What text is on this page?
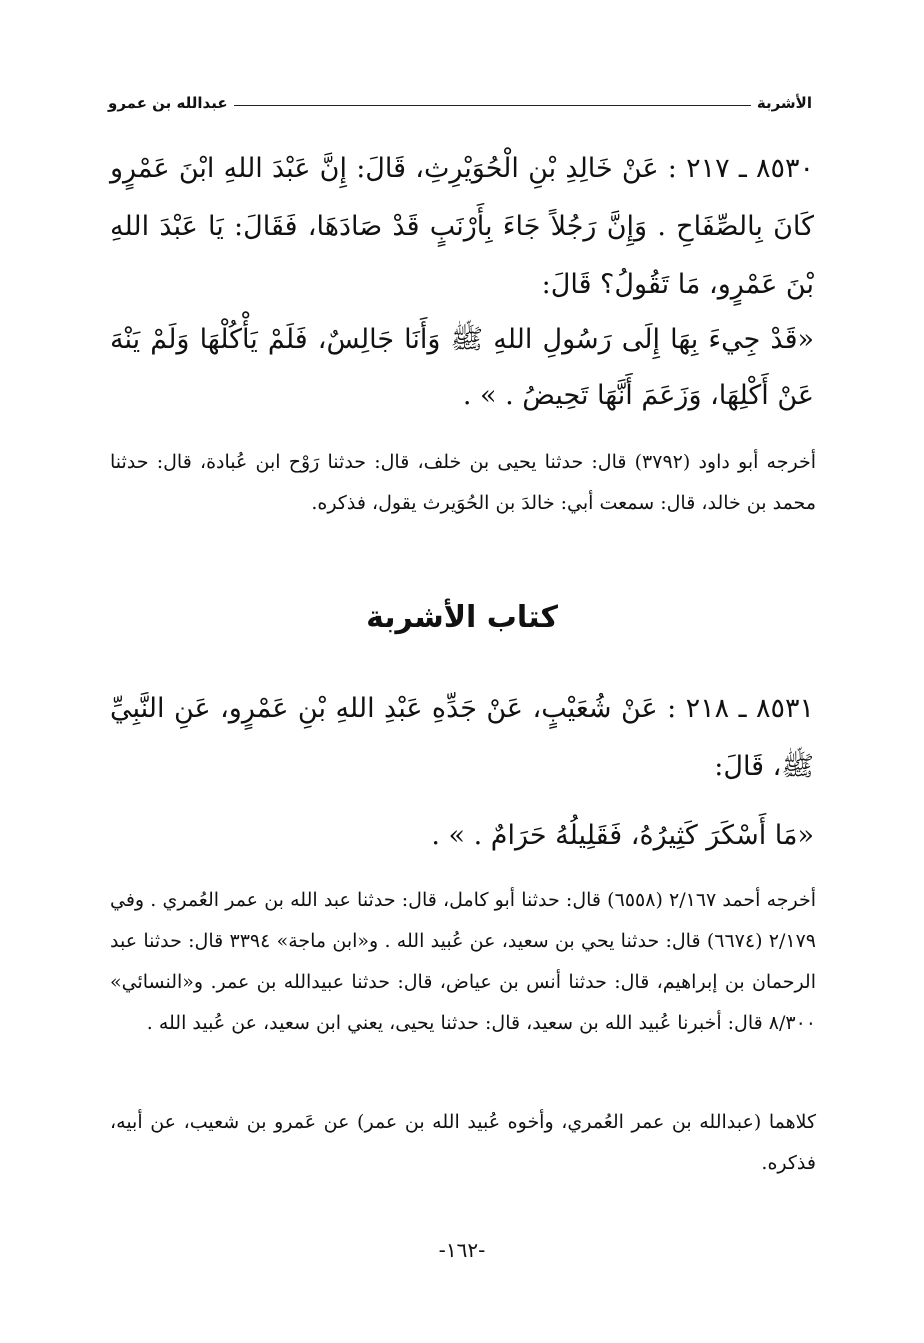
الأشربة
عبدالله بن عمرو

٨٥٣٠ ـ ٢١٧ : عَنْ خَالِدِ بْنِ الْحُوَيْرِثِ، قَالَ: إِنَّ عَبْدَ اللهِ ابْنَ عَمْرٍو كَانَ بِالصِّفَاحِ . وَإِنَّ رَجُلاً جَاءَ بِأَرْنَبٍ قَدْ صَادَهَا، فَقَالَ: يَا عَبْدَ اللهِ بْنَ عَمْرٍو، مَا تَقُولُ؟ قَالَ:

«قَدْ جِيءَ بِهَا إِلَى رَسُولِ اللهِ ﷺ وَأَنَا جَالِسٌ، فَلَمْ يَأْكُلْهَا وَلَمْ يَنْهَ عَنْ أَكْلِهَا، وَزَعَمَ أَنَّهَا تَحِيضُ . » .

أخرجه أبو داود (٣٧٩٢) قال: حدثنا يحيى بن خلف، قال: حدثنا رَوْح ابن عُبادة، قال: حدثنا محمد بن خالد، قال: سمعت أبي: خالدَ بن الحُوَيرث يقول، فذكره.

كتاب الأشربة

٨٥٣١ ـ ٢١٨ : عَنْ شُعَيْبٍ، عَنْ جَدِّهِ عَبْدِ اللهِ بْنِ عَمْرٍو، عَنِ النَّبِيِّ ﷺ، قَالَ:

«مَا أَسْكَرَ كَثِيرُهُ، فَقَلِيلُهُ حَرَامٌ . » .

أخرجه أحمد ٢/١٦٧ (٦٥٥٨) قال: حدثنا أبو كامل، قال: حدثنا عبد الله بن عمر العُمري . وفي ٢/١٧٩ (٦٦٧٤) قال: حدثنا يحي بن سعيد، عن عُبيد الله . و«ابن ماجة» ٣٣٩٤ قال: حدثنا عبد الرحمان بن إبراهيم، قال: حدثنا أنس بن عياض، قال: حدثنا عبيدالله بن عمر. و«النسائي» ٨/٣٠٠ قال: أخبرنا عُبيد الله بن سعيد، قال: حدثنا يحيى، يعني ابن سعيد، عن عُبيد الله .

كلاهما (عبدالله بن عمر العُمري، وأخوه عُبيد الله بن عمر) عن عَمرو بن شعيب، عن أبيه، فذكره.

-١٦٢-
